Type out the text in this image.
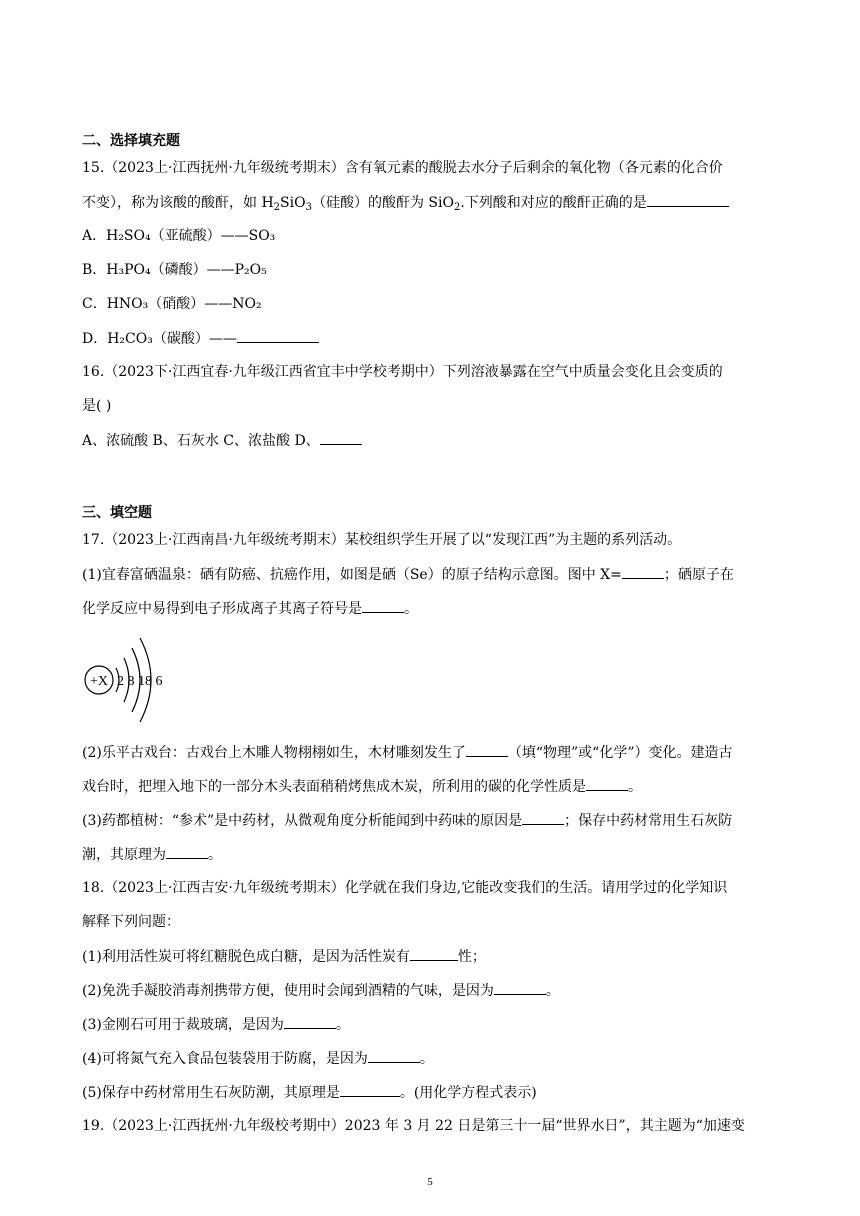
二、选择填充题
15.（2023上·江西抚州·九年级统考期末）含有氧元素的酸脱去水分子后剩余的氧化物（各元素的化合价
不变），称为该酸的酸酐，如 $H_2SiO_3$（硅酸）的酸酐为 SiO$_2$.下列酸和对应的酸酐正确的是
A．H₂SO₄（亚硫酸）——SO₃
B．H₃PO₄（磷酸）——P₂O₅
C．HNO₃（硝酸）——NO₂
D．H₂CO₃（碳酸）——
16.（2023下·江西宜春·九年级江西省宜丰中学校考期中）下列溶液暴露在空气中质量会变化且会变质的
是( )
A、浓硫酸 B、石灰水 C、浓盐酸 D、
三、填空题
17.（2023上·江西南昌·九年级统考期末）某校组织学生开展了以“发现江西”为主题的系列活动。
(1)宜春富硒温泉：硒有防癌、抗癌作用，如图是硒（Se）的原子结构示意图。图中 X=	；硒原子在
化学反应中易得到电子形成离子其离子符号是	。
+X 2 8 18 6
(2)乐平古戏台：古戏台上木雕人物栩栩如生，木材雕刻发生了	（填“物理”或“化学”）变化。建造古
戏台时，把埋入地下的一部分木头表面稍稍烤焦成木炭，所利用的碳的化学性质是	。
(3)药都植树：“参术”是中药材，从微观角度分析能闻到中药味的原因是	；保存中药材常用生石灰防
潮，其原理为	。
18.（2023上·江西吉安·九年级统考期末）化学就在我们身边,它能改变我们的生活。请用学过的化学知识
解释下列问题：
(1)利用活性炭可将红糖脱色成白糖，是因为活性炭有	性；
(2)免洗手凝胶消毒剂携带方便，使用时会闻到酒精的气味，是因为	。
(3)金刚石可用于裁玻璃，是因为	。
(4)可将氮气充入食品包装袋用于防腐，是因为	。
(5)保存中药材常用生石灰防潮，其原理是	。(用化学方程式表示)
19.（2023上·江西抚州·九年级校考期中）2023 年 3 月 22 日是第三十一届“世界水日”，其主题为“加速变
5
